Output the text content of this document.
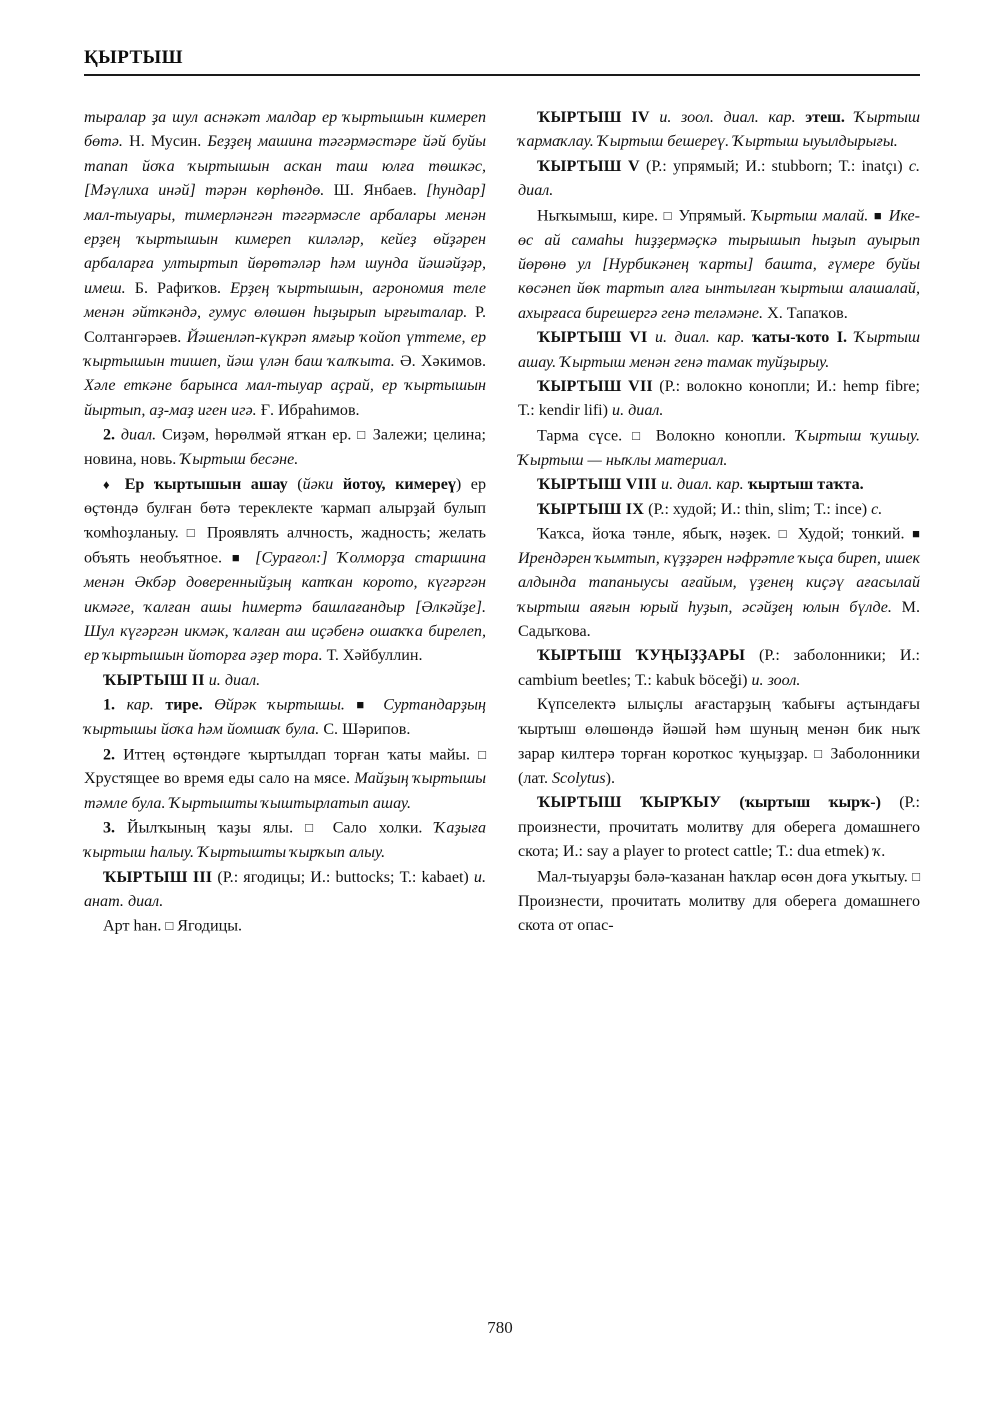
ҚЫРТЫШ

тыралар ҙа шул аснәкәт малдар ер ҡыртышын кимереп бөтә. Н. Мусин. Беҙҙең машина тәгәрмәстәре йәй буйы тапап йоҡа ҡыртышын аскан таш юлға төшкәс, [Мәүлиха инәй] тәрән көрһөндө. Ш. Янбаев. [һундар] мал-тыуары, тимерләнгән тәгәрмәсле арбалары менән ерҙең ҡыртышын кимереп киләләр, кейеҙ өйҙәрен арбаларға ултыртып йөрөтәләр һәм шунда йәшәйҙәр, имеш. Б. Рафиҡов. Ерҙең ҡыртышын, агрономия теле менән әйткәндә, гумус өлөшөн һыҙырып ырғыталар. Р. Солтангәрәев. Йәшенләп-күкрәп ямғыр ҡойоп үттеме, ер ҡыртышын тишеп, йәш үлән баш ҡалҡыта. Ә. Хәкимов. Хәле еткәне барынса мал-тыуар аҫрай, ер ҡыртышын йыртып, аҙ-маҙ иген игә. Ғ. Ибраһимов.

2. диал. Сиҙәм, һөрөлмәй ятҡан ер. □ Залежи; целина; новина, новь. Ҡыртыш бесәне.

♦ Ер ҡыртышын ашау (йәки йотоу, кимереү) ер өҫтөндә булған бөтә тереклекте ҡармап алырҙай булып ҡомһоҙланыу. □ Проявлять алчность, жадность; желать объять необъятное. ■ [Сурағол:] Ҡолморҙа старшина менән Әкбәр доверенныйҙың катҡан корото, күгәргән икмәге, ҡалған ашы һимертә башлағандыр [Әлкәйҙе]. Шул күгәргән икмәк, ҡалған аш иҫәбенә ошаҡҡа бирелеп, ер ҡыртышын йоторға әҙер тора. Т. Хәйбуллин.

ҠЫРТЫШ II и. диал.

1. кар. тире. Өйрәк ҡыртышы. ■ Суртандарҙың ҡыртышы йоҡа һәм йомшаҡ була. С. Шәрипов.

2. Иттең өҫтөндәге ҡыртылдап торған ҡаты майы. □ Хрустящее во время еды сало на мясе. Майҙың ҡыртышы тәмле була. Ҡыртышты ҡыштырлатып ашау.

3. Йылҡының ҡаҙы ялы. □ Сало холки. Ҡаҙыға ҡыртыш һалыу. Ҡыртышты ҡырҡып алыу.

ҠЫРТЫШ III (Р.: ягодицы; И.: buttocks; Т.: kabaet) и. анат. диал.

Арт һан. □ Ягодицы.

ҠЫРТЫШ IV и. зоол. диал. кар. этеш. Ҡыртыш ҡармаҡлау. Ҡыртыш бешереү. Ҡыртыш ыуылдырығы.

ҠЫРТЫШ V (Р.: упрямый; И.: stubborn; Т.: inatçı) с. диал.

Ныҡымыш, кире. □ Упрямый. Ҡыртыш малай. ■ Ике-өс ай самаһы һиҙҙермәҫкә тырышып һыҙып ауырып йөрөнө ул [Нурбикәнең ҡарты] башта, ғүмере буйы көсәнеп йөк тартып алға ынтылған ҡыртыш алашалай, ахырғаса бирешергә генә теләмәне. Х. Тапаҡов.

ҠЫРТЫШ VI и. диал. кар. ҡаты-ҡото I. Ҡыртыш ашау. Ҡыртыш менән генә тамак туйҙырыу.

ҠЫРТЫШ VII (Р.: волокно конопли; И.: hemp fibre; Т.: kendir lifi) и. диал.

Тарма сүсе. □ Волокно конопли. Ҡыртыш ҡушыу. Ҡыртыш — ныҡлы материал.

ҠЫРТЫШ VIII и. диал. кар. ҡыртыш таҡта.

ҠЫРТЫШ IX (Р.: худой; И.: thin, slim; Т.: ince) с.

Ҡаҡса, йоҡа тәнле, ябыҡ, нәҙек. □ Худой; тонкий. ■ Ирендәрен ҡымтып, күҙҙәрен нәфрәтле ҡыҫа биреп, ишек алдында тапаныусы ағайым, үҙенең киҫәү ағасылай ҡыртыш аяғын юрый һуҙып, әсәйҙең юлын бүлде. М. Садыҡова.

ҠЫРТЫШ ҠУҢЫҘҘАРЫ (Р.: заболонники; И.: cambium beetles; Т.: kabuk böceği) и. зоол.

Күпселектә ылыҫлы ағастарҙың ҡабығы аҫтындағы ҡыртыш өлөшөндә йәшәй һәм шуның менән бик ныҡ зарар килтерә торған короткос ҡуңыҙҙар. □ Заболонники (лат. Scolytus).

ҠЫРТЫШ ҠЫРҠЫУ (ҡыртыш ҡырҡ-) (Р.: произнести, прочитать молитву для оберега домашнего скота; И.: say a player to protect cattle; Т.: dua etmek) ҡ.

Мал-тыуарҙы бәлә-ҡазанан һаҡлар өсөн доға уҡытыу. □ Произнести, прочитать молитву для оберега домашнего скота от опас-

780
